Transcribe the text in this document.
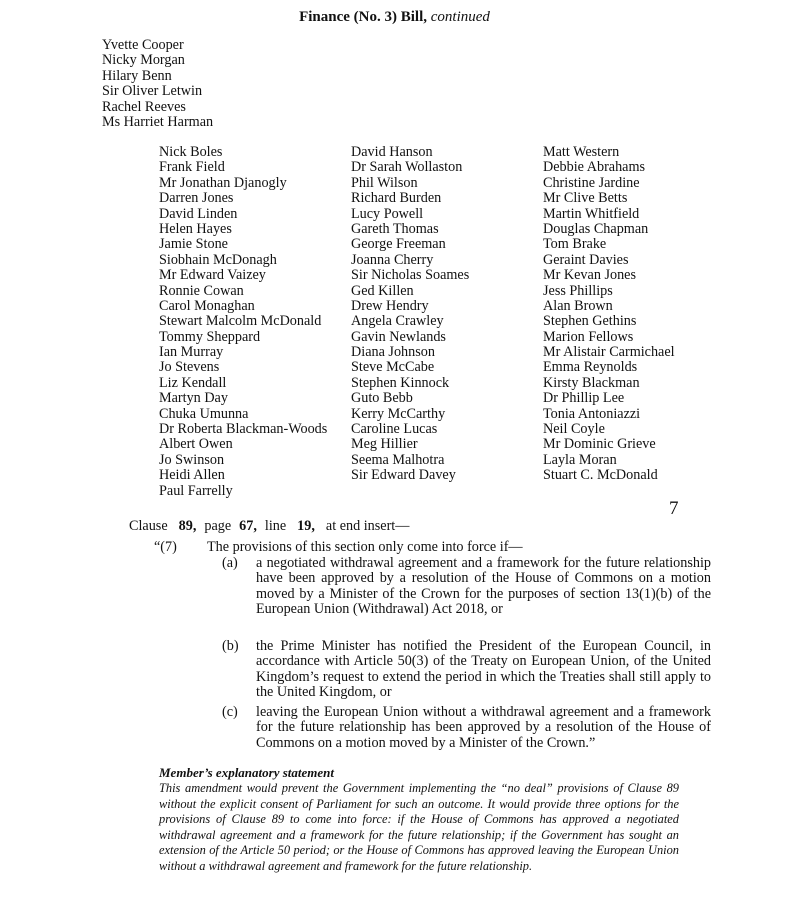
Finance (No. 3) Bill, continued
Yvette Cooper
Nicky Morgan
Hilary Benn
Sir Oliver Letwin
Rachel Reeves
Ms Harriet Harman
Nick Boles
Frank Field
Mr Jonathan Djanogly
Darren Jones
David Linden
Helen Hayes
Jamie Stone
Siobhain McDonagh
Mr Edward Vaizey
Ronnie Cowan
Carol Monaghan
Stewart Malcolm McDonald
Tommy Sheppard
Ian Murray
Jo Stevens
Liz Kendall
Martyn Day
Chuka Umunna
Dr Roberta Blackman-Woods
Albert Owen
Jo Swinson
Heidi Allen
Paul Farrelly
David Hanson
Dr Sarah Wollaston
Phil Wilson
Richard Burden
Lucy Powell
Gareth Thomas
George Freeman
Joanna Cherry
Sir Nicholas Soames
Ged Killen
Drew Hendry
Angela Crawley
Gavin Newlands
Diana Johnson
Steve McCabe
Stephen Kinnock
Guto Bebb
Kerry McCarthy
Caroline Lucas
Meg Hillier
Seema Malhotra
Sir Edward Davey
Matt Western
Debbie Abrahams
Christine Jardine
Mr Clive Betts
Martin Whitfield
Douglas Chapman
Tom Brake
Geraint Davies
Mr Kevan Jones
Jess Phillips
Alan Brown
Stephen Gethins
Marion Fellows
Mr Alistair Carmichael
Emma Reynolds
Kirsty Blackman
Dr Phillip Lee
Tonia Antoniazzi
Neil Coyle
Mr Dominic Grieve
Layla Moran
Stuart C. McDonald
7
Clause 89, page 67, line 19, at end insert—
“(7) The provisions of this section only come into force if—
(a) a negotiated withdrawal agreement and a framework for the future relationship have been approved by a resolution of the House of Commons on a motion moved by a Minister of the Crown for the purposes of section 13(1)(b) of the European Union (Withdrawal) Act 2018, or
(b) the Prime Minister has notified the President of the European Council, in accordance with Article 50(3) of the Treaty on European Union, of the United Kingdom’s request to extend the period in which the Treaties shall still apply to the United Kingdom, or
(c) leaving the European Union without a withdrawal agreement and a framework for the future relationship has been approved by a resolution of the House of Commons on a motion moved by a Minister of the Crown.”
Member’s explanatory statement
This amendment would prevent the Government implementing the “no deal” provisions of Clause 89 without the explicit consent of Parliament for such an outcome. It would provide three options for the provisions of Clause 89 to come into force: if the House of Commons has approved a negotiated withdrawal agreement and a framework for the future relationship; if the Government has sought an extension of the Article 50 period; or the House of Commons has approved leaving the European Union without a withdrawal agreement and framework for the future relationship.
